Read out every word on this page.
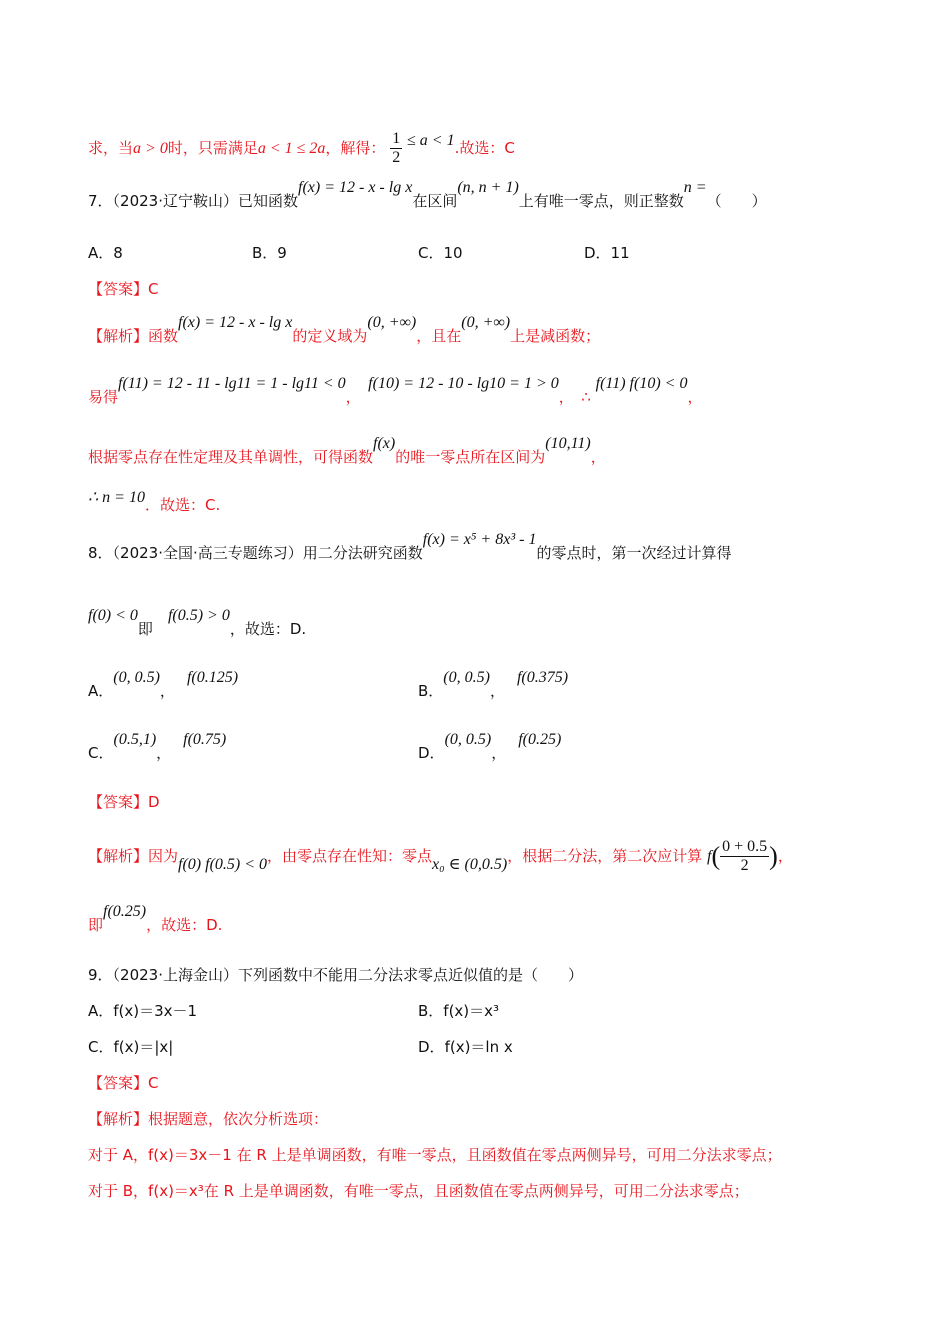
求，当a > 0时，只需满足a < 1 ≤ 2a，解得： $\frac{1}{2} \le a < 1$.故选：C
7．（2023·辽宁鞍山）已知函数f(x) = 12 - x - lg x在区间(n, n + 1)上有唯一零点，则正整数n =（　　）
A．8	B．9	C．10	D．11
【答案】C
【解析】函数f(x) = 12 - x - lg x的定义域为(0, +∞)，且在(0, +∞)上是减函数；
易得f(11) = 12 - 11 - lg11 = 1 - lg11 < 0，　f(10) = 12 - 10 - lg10 = 1 > 0，　 ∴ f(11) f(10) < 0，
根据零点存在性定理及其单调性，可得函数f(x)的唯一零点所在区间为(10,11)，
∴ n = 10．故选：C.
8．（2023·全国·高三专题练习）用二分法研究函数f(x) = x⁵ + 8x³ - 1的零点时，第一次经过计算得
f(0) < 0即　f(0.5) > 0，故选：D.
A．(0, 0.5)，f(0.125)
B．(0, 0.5)，f(0.375)
C．(0.5,1)，f(0.75)
D．(0, 0.5)，f(0.25)
【答案】D
【解析】因为f(0) f(0.5) < 0，由零点存在性知：零点x₀ ∈ (0,0.5)，根据二分法，第二次应计算 $f( \frac{0 + 0.5}{2}$ )，
即f(0.25)，故选：D.
9．（2023·上海金山）下列函数中不能用二分法求零点近似值的是（　　）
A．f(x)＝3x－1	B．f(x)＝x³
C．f(x)＝|x|	D．f(x)＝ln x
【答案】C
【解析】根据题意，依次分析选项：
对于 A，f(x)＝3x－1 在 R 上是单调函数，有唯一零点，且函数值在零点两侧异号，可用二分法求零点；
对于 B，f(x)＝x³在 R 上是单调函数，有唯一零点，且函数值在零点两侧异号，可用二分法求零点；
